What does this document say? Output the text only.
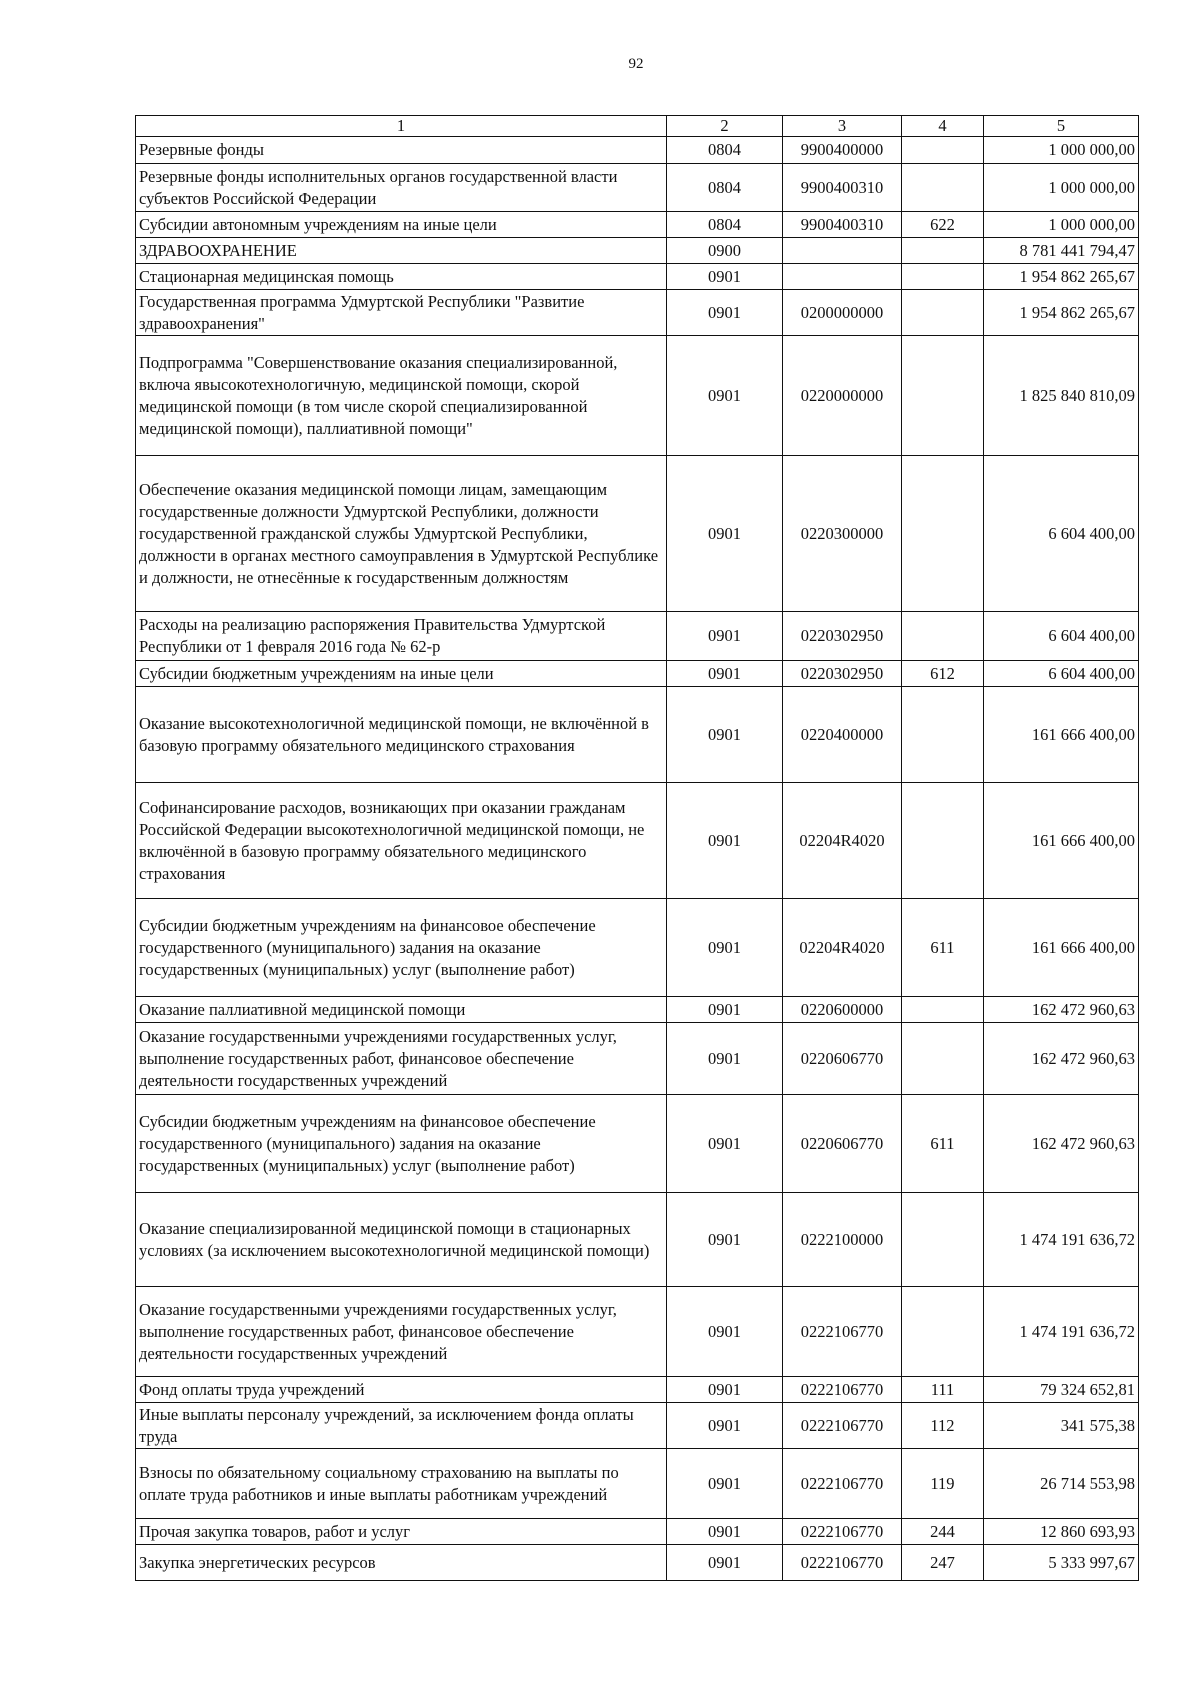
92
1	2	3	4	5
Резервные фонды	0804	9900400000		1 000 000,00
Резервные фонды исполнительных органов государственной власти субъектов Российской Федерации	0804	9900400310		1 000 000,00
Субсидии автономным учреждениям на иные цели	0804	9900400310	622	1 000 000,00
ЗДРАВООХРАНЕНИЕ	0900			8 781 441 794,47
Стационарная медицинская помощь	0901			1 954 862 265,67
Государственная программа Удмуртской Республики "Развитие здравоохранения"	0901	0200000000		1 954 862 265,67
Подпрограмма "Совершенствование оказания специализированной, включа явысокотехнологичную, медицинской помощи, скорой медицинской помощи (в том числе скорой специализированной медицинской помощи), паллиативной помощи"	0901	0220000000		1 825 840 810,09
Обеспечение оказания медицинской помощи лицам, замещающим государственные должности Удмуртской Республики, должности государственной гражданской службы Удмуртской Республики, должности в органах местного самоуправления в Удмуртской Республике и должности, не отнесённые к государственным должностям	0901	0220300000		6 604 400,00
Расходы на реализацию распоряжения Правительства Удмуртской Республики от 1 февраля 2016 года № 62-р	0901	0220302950		6 604 400,00
Субсидии бюджетным учреждениям на иные цели	0901	0220302950	612	6 604 400,00
Оказание высокотехнологичной медицинской помощи, не включённой в базовую программу обязательного медицинского страхования	0901	0220400000		161 666 400,00
Софинансирование расходов, возникающих при оказании гражданам Российской Федерации высокотехнологичной медицинской помощи, не включённой в базовую программу обязательного медицинского страхования	0901	02204R4020		161 666 400,00
Субсидии бюджетным учреждениям на финансовое обеспечение государственного (муниципального) задания на оказание государственных (муниципальных) услуг (выполнение работ)	0901	02204R4020	611	161 666 400,00
Оказание паллиативной медицинской помощи	0901	0220600000		162 472 960,63
Оказание государственными учреждениями государственных услуг, выполнение государственных работ, финансовое обеспечение деятельности государственных учреждений	0901	0220606770		162 472 960,63
Субсидии бюджетным учреждениям на финансовое обеспечение государственного (муниципального) задания на оказание государственных (муниципальных) услуг (выполнение работ)	0901	0220606770	611	162 472 960,63
Оказание специализированной медицинской помощи в стационарных условиях (за исключением высокотехнологичной медицинской помощи)	0901	0222100000		1 474 191 636,72
Оказание государственными учреждениями государственных услуг, выполнение государственных работ, финансовое обеспечение деятельности государственных учреждений	0901	0222106770		1 474 191 636,72
Фонд оплаты труда учреждений	0901	0222106770	111	79 324 652,81
Иные выплаты персоналу учреждений, за исключением фонда оплаты труда	0901	0222106770	112	341 575,38
Взносы по обязательному социальному страхованию на выплаты по оплате труда работников и иные выплаты работникам учреждений	0901	0222106770	119	26 714 553,98
Прочая закупка товаров, работ и услуг	0901	0222106770	244	12 860 693,93
Закупка энергетических ресурсов	0901	0222106770	247	5 333 997,67
